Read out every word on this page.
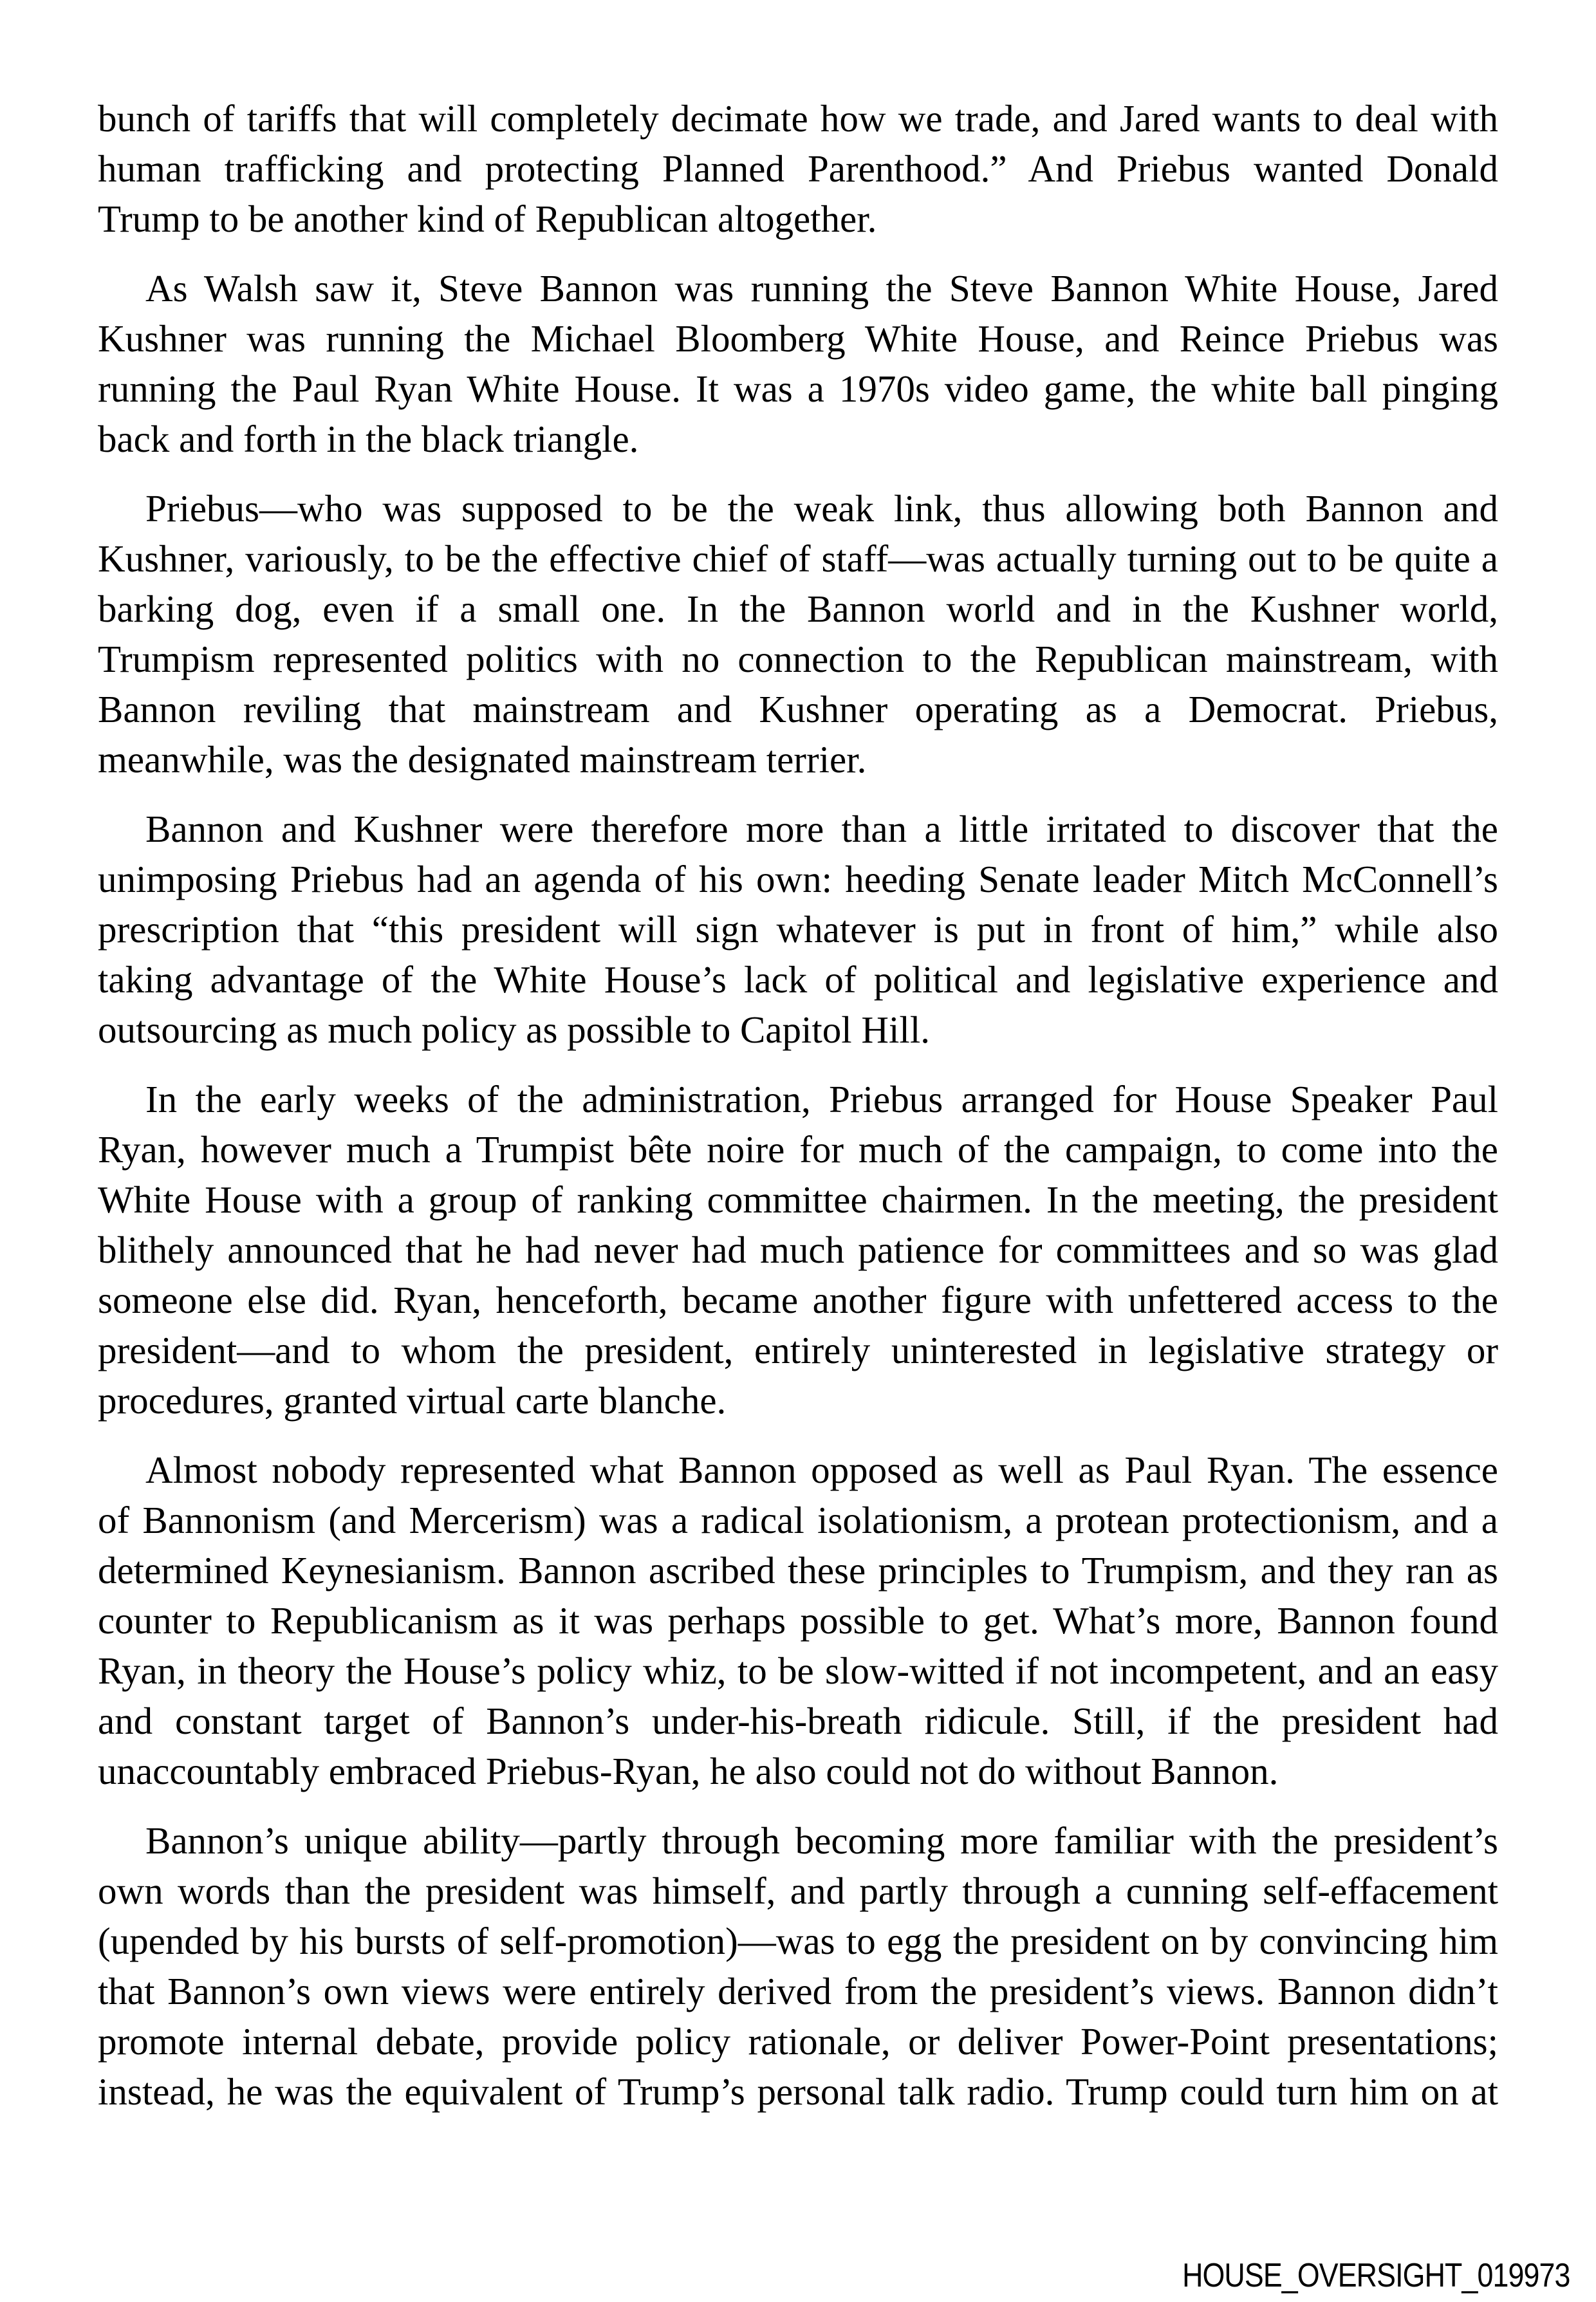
bunch of tariffs that will completely decimate how we trade, and Jared wants to deal with
human trafficking and protecting Planned Parenthood.” And Priebus wanted Donald
Trump to be another kind of Republican altogether.

As Walsh saw it, Steve Bannon was running the Steve Bannon White House, Jared
Kushner was running the Michael Bloomberg White House, and Reince Priebus was
running the Paul Ryan White House. It was a 1970s video game, the white ball pinging
back and forth in the black triangle.

Priebus—who was supposed to be the weak link, thus allowing both Bannon and
Kushner, variously, to be the effective chief of staff—was actually turning out to be quite a
barking dog, even if a small one. In the Bannon world and in the Kushner world,
Trumpism represented politics with no connection to the Republican mainstream, with
Bannon reviling that mainstream and Kushner operating as a Democrat. Priebus,
meanwhile, was the designated mainstream terrier.

Bannon and Kushner were therefore more than a little irritated to discover that the
unimposing Priebus had an agenda of his own: heeding Senate leader Mitch McConnell’s
prescription that “this president will sign whatever is put in front of him,” while also
taking advantage of the White House’s lack of political and legislative experience and
outsourcing as much policy as possible to Capitol Hill.

In the early weeks of the administration, Priebus arranged for House Speaker Paul
Ryan, however much a Trumpist bête noire for much of the campaign, to come into the
White House with a group of ranking committee chairmen. In the meeting, the president
blithely announced that he had never had much patience for committees and so was glad
someone else did. Ryan, henceforth, became another figure with unfettered access to the
president—and to whom the president, entirely uninterested in legislative strategy or
procedures, granted virtual carte blanche.

Almost nobody represented what Bannon opposed as well as Paul Ryan. The essence
of Bannonism (and Mercerism) was a radical isolationism, a protean protectionism, and a
determined Keynesianism. Bannon ascribed these principles to Trumpism, and they ran as
counter to Republicanism as it was perhaps possible to get. What’s more, Bannon found
Ryan, in theory the House’s policy whiz, to be slow-witted if not incompetent, and an easy
and constant target of Bannon’s under-his-breath ridicule. Still, if the president had
unaccountably embraced Priebus-Ryan, he also could not do without Bannon.

Bannon’s unique ability—partly through becoming more familiar with the president’s
own words than the president was himself, and partly through a cunning self-effacement
(upended by his bursts of self-promotion)—was to egg the president on by convincing him
that Bannon’s own views were entirely derived from the president’s views. Bannon didn’t
promote internal debate, provide policy rationale, or deliver Power-Point presentations;
instead, he was the equivalent of Trump’s personal talk radio. Trump could turn him on at

HOUSE_OVERSIGHT_019973
